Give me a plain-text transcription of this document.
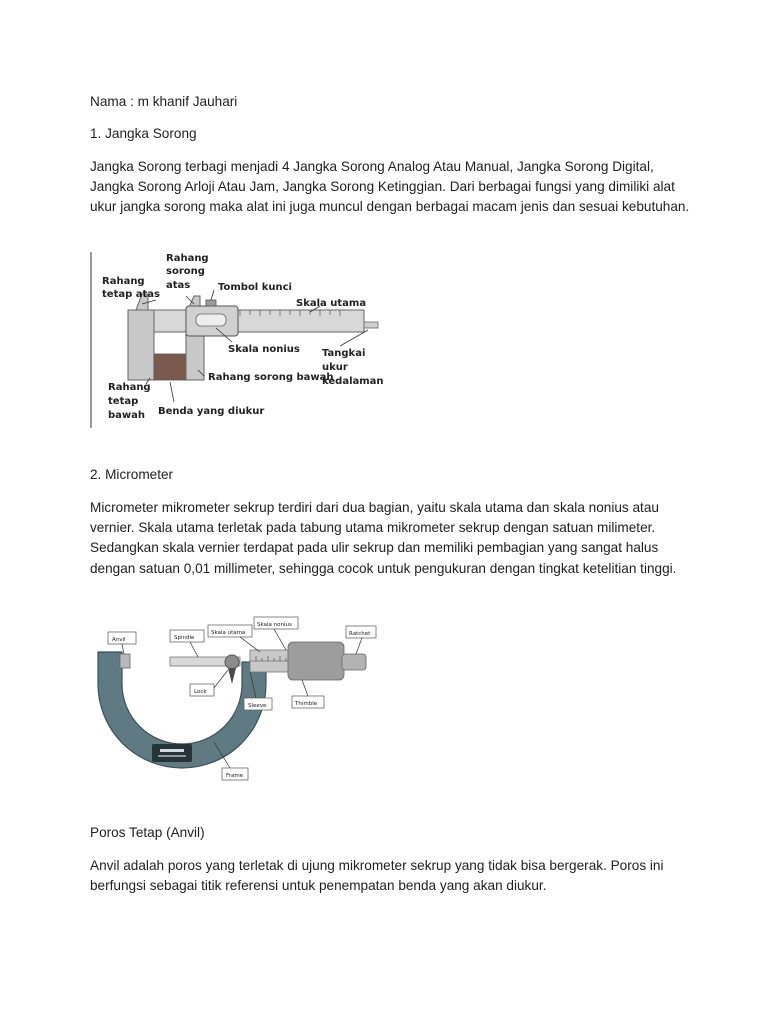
Nama : m khanif Jauhari

1. Jangka Sorong

Jangka Sorong terbagi menjadi 4 Jangka Sorong Analog Atau Manual, Jangka Sorong Digital, Jangka Sorong Arloji Atau Jam, Jangka Sorong Ketinggian. Dari berbagai fungsi yang dimiliki alat ukur jangka sorong maka alat ini juga muncul dengan berbagai macam jenis dan sesuai kebutuhan.

Rahang
tetap atas
Rahang
sorong
atas	Tombol kunci
Skala utama
Skala nonius Tangkai
ukur
kedalaman
Rahang
tetap
bawah
Rahang sorong bawah
Benda yang diukur

2. Micrometer

Micrometer mikrometer sekrup terdiri dari dua bagian, yaitu skala utama dan skala nonius atau vernier. Skala utama terletak pada tabung utama mikrometer sekrup dengan satuan milimeter. Sedangkan skala vernier terdapat pada ulir sekrup dan memiliki pembagian yang sangat halus dengan satuan 0,01 millimeter, sehingga cocok untuk pengukuran dengan tingkat ketelitian tinggi.

Anvil	Spindle
Skala utama
Skala nonius
Ratchet
Lock
Sleeve	Thimble
Frame

Poros Tetap (Anvil)

Anvil adalah poros yang terletak di ujung mikrometer sekrup yang tidak bisa bergerak. Poros ini berfungsi sebagai titik referensi untuk penempatan benda yang akan diukur.
